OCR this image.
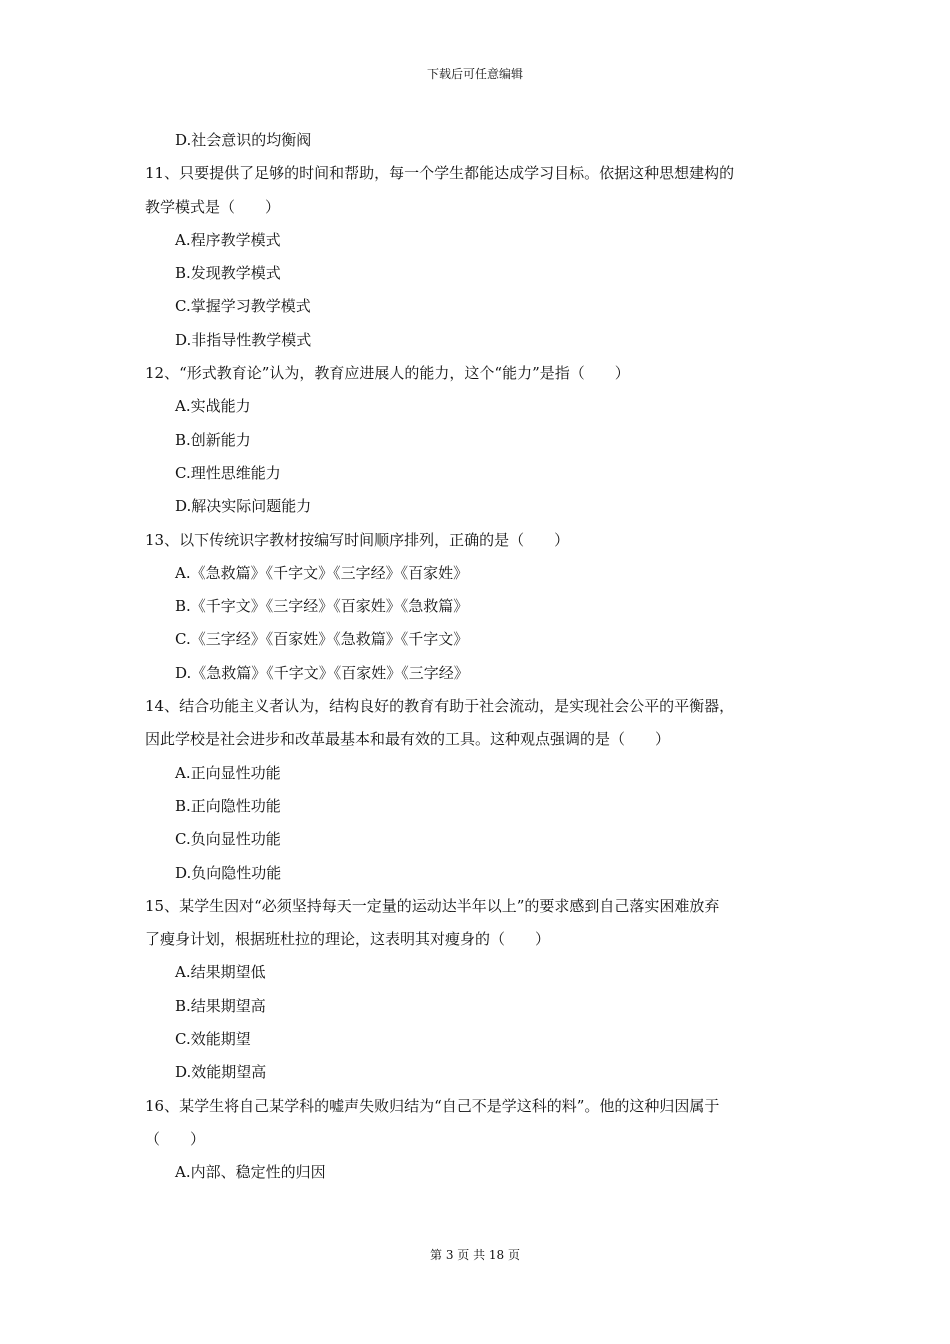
下载后可任意编辑
D.社会意识的均衡阀
11、只要提供了足够的时间和帮助，每一个学生都能达成学习目标。依据这种思想建构的
教学模式是（　　）
A.程序教学模式
B.发现教学模式
C.掌握学习教学模式
D.非指导性教学模式
12、“形式教育论”认为，教育应进展人的能力，这个“能力”是指（　　）
A.实战能力
B.创新能力
C.理性思维能力
D.解决实际问题能力
13、以下传统识字教材按编写时间顺序排列，正确的是（　　）
A.《急救篇》《千字文》《三字经》《百家姓》
B.《千字文》《三字经》《百家姓》《急救篇》
C.《三字经》《百家姓》《急救篇》《千字文》
D.《急救篇》《千字文》《百家姓》《三字经》
14、结合功能主义者认为，结构良好的教育有助于社会流动，是实现社会公平的平衡器，
因此学校是社会进步和改革最基本和最有效的工具。这种观点强调的是（　　）
A.正向显性功能
B.正向隐性功能
C.负向显性功能
D.负向隐性功能
15、某学生因对“必须坚持每天一定量的运动达半年以上”的要求感到自己落实困难放弃
了瘦身计划，根据班杜拉的理论，这表明其对瘦身的（　　）
A.结果期望低
B.结果期望高
C.效能期望
D.效能期望高
16、某学生将自己某学科的嘘声失败归结为“自己不是学这科的料”。他的这种归因属于
（　　）
A.内部、稳定性的归因
第 3 页 共 18 页
